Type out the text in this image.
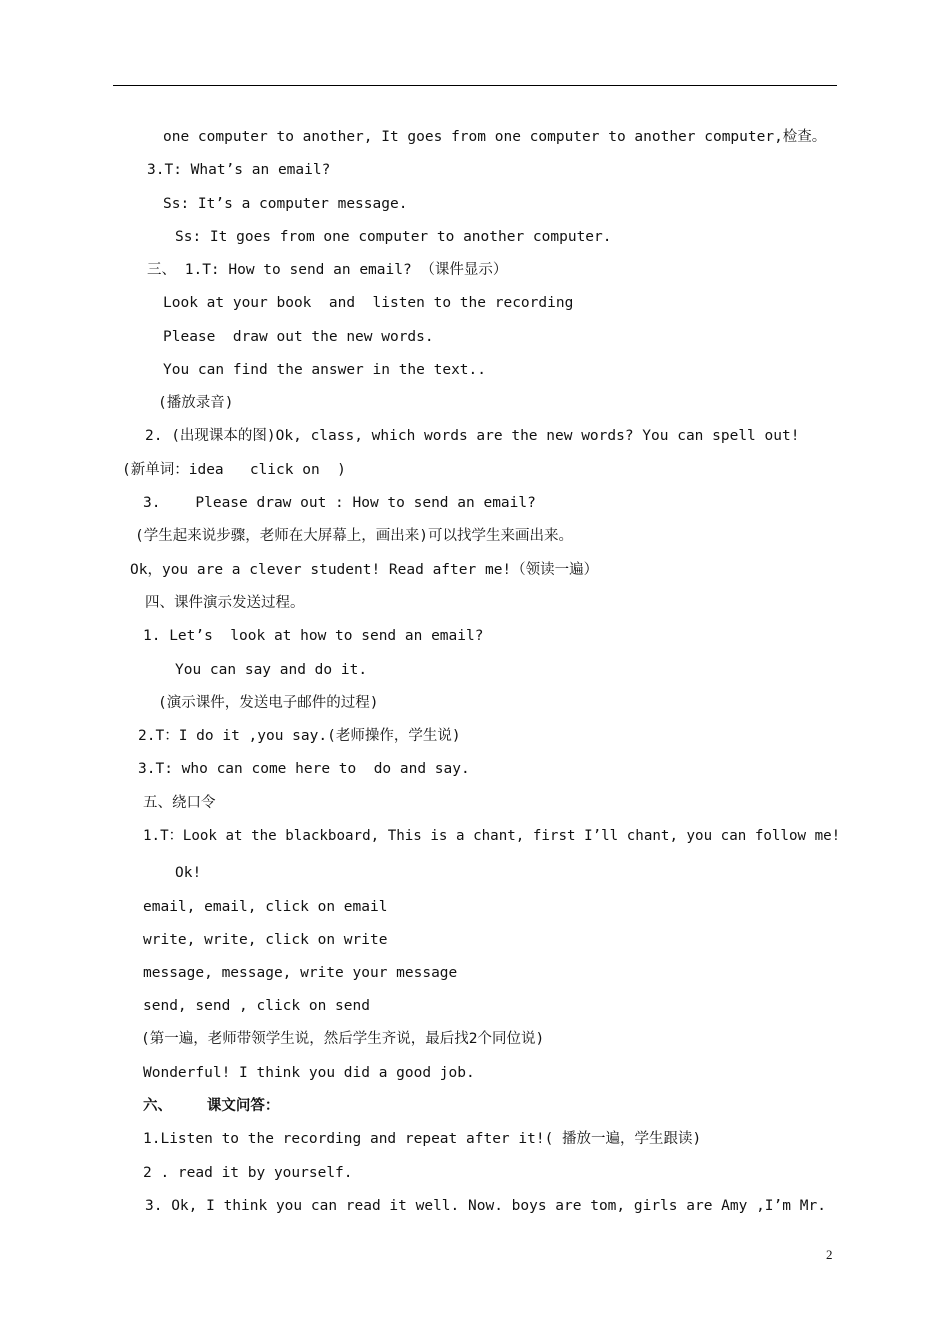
one computer to another, It goes from one computer to another computer,检查。
3.T: What’s an email?
Ss: It’s a computer message.
Ss: It goes from one computer to another computer.
三、 1.T: How to send an email? （课件显示）
Look at your book  and  listen to the recording
Please  draw out the new words.
You can find the answer in the text..
(播放录音)
2. (出现课本的图)Ok, class, which words are the new words? You can spell out!
(新单词：idea   click on  )
3.    Please draw out : How to send an email?
(学生起来说步骤，老师在大屏幕上，画出来)可以找学生来画出来。
Ok，you are a clever student! Read after me!（领读一遍）
四、课件演示发送过程。
1. Let’s  look at how to send an email?
You can say and do it.
(演示课件，发送电子邮件的过程)
2.T：I do it ,you say.(老师操作，学生说)
3.T: who can come here to  do and say.
五、绕口令
1.T：Look at the blackboard, This is a chant, first I’ll chant, you can follow me!
Ok!
email, email, click on email
write, write, click on write
message, message, write your message
send, send , click on send
(第一遍，老师带领学生说，然后学生齐说，最后找2个同位说)
Wonderful! I think you did a good job.
六、    课文问答：
1.Listen to the recording and repeat after it!( 播放一遍，学生跟读)
2 . read it by yourself.
3. Ok, I think you can read it well. Now. boys are tom, girls are Amy ,I’m Mr.
2
